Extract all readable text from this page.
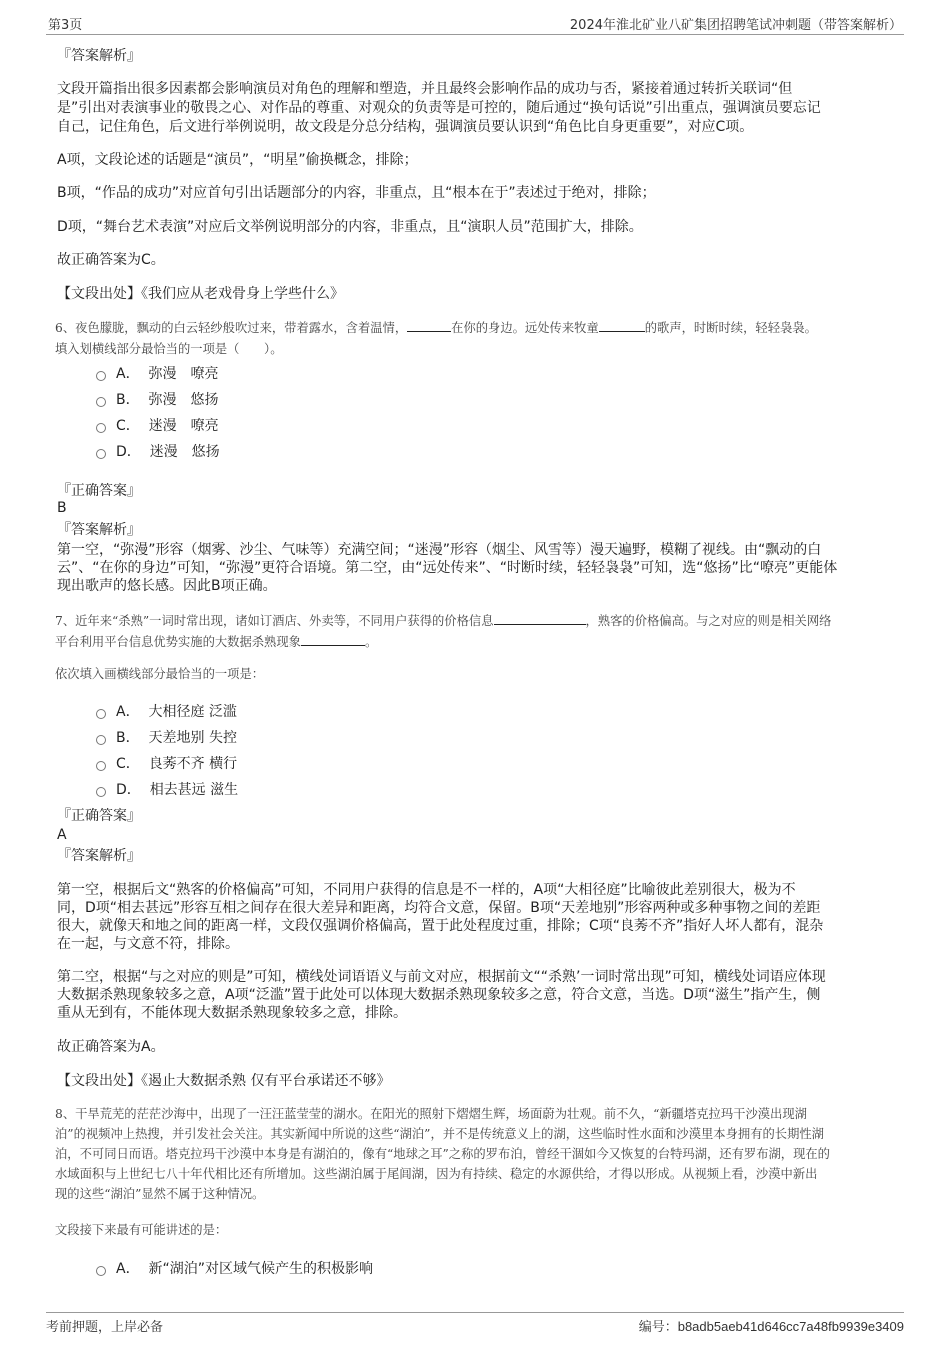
第3页	2024年淮北矿业八矿集团招聘笔试冲刺题（带答案解析）
『答案解析』
文段开篇指出很多因素都会影响演员对角色的理解和塑造，并且最终会影响作品的成功与否，紧接着通过转折关联词“但
是”引出对表演事业的敬畏之心、对作品的尊重、对观众的负责等是可控的，随后通过“换句话说”引出重点，强调演员要忘记
自己，记住角色，后文进行举例说明，故文段是分总分结构，强调演员要认识到“角色比自身更重要”，对应C项。
A项，文段论述的话题是“演员”，“明星”偷换概念，排除；
B项，“作品的成功”对应首句引出话题部分的内容，非重点，且“根本在于”表述过于绝对，排除；
D项，“舞台艺术表演”对应后文举例说明部分的内容，非重点，且“演职人员”范围扩大，排除。
故正确答案为C。
【文段出处】《我们应从老戏骨身上学些什么》
6、夜色朦胧，飘动的白云轻纱般吹过来，带着露水，含着温情，	在你的身边。远处传来牧童	的歌声，时断时续，轻轻袅袅。
填入划横线部分最恰当的一项是（　　）。
A． 弥漫　嘹亮
B． 弥漫　悠扬
C． 迷漫　嘹亮
D． 迷漫　悠扬
『正确答案』
B
『答案解析』
第一空，“弥漫”形容（烟雾、沙尘、气味等）充满空间；“迷漫”形容（烟尘、风雪等）漫天遍野，模糊了视线。由“飘动的白
云”、“在你的身边”可知，“弥漫”更符合语境。第二空，由“远处传来”、“时断时续，轻轻袅袅”可知，选“悠扬”比“嘹亮”更能体
现出歌声的悠长感。因此B项正确。
7、近年来“杀熟”一词时常出现，诸如订酒店、外卖等，不同用户获得的价格信息	，熟客的价格偏高。与之对应的则是相关网络
平台利用平台信息优势实施的大数据杀熟现象	。
依次填入画横线部分最恰当的一项是：
A． 大相径庭 泛滥
B． 天差地别 失控
C． 良莠不齐 横行
D． 相去甚远 滋生
『正确答案』
A
『答案解析』
第一空，根据后文“熟客的价格偏高”可知，不同用户获得的信息是不一样的，A项“大相径庭”比喻彼此差别很大，极为不
同，D项“相去甚远”形容互相之间存在很大差异和距离，均符合文意，保留。B项“天差地别”形容两种或多种事物之间的差距
很大，就像天和地之间的距离一样，文段仅强调价格偏高，置于此处程度过重，排除；C项“良莠不齐”指好人坏人都有，混杂
在一起，与文意不符，排除。
第二空，根据“与之对应的则是”可知，横线处词语语义与前文对应，根据前文““杀熟’一词时常出现”可知，横线处词语应体现
大数据杀熟现象较多之意，A项“泛滥”置于此处可以体现大数据杀熟现象较多之意，符合文意，当选。D项“滋生”指产生，侧
重从无到有，不能体现大数据杀熟现象较多之意，排除。
故正确答案为A。
【文段出处】《遏止大数据杀熟 仅有平台承诺还不够》
8、干旱荒芜的茫茫沙海中，出现了一汪汪蓝莹莹的湖水。在阳光的照射下熠熠生辉，场面蔚为壮观。前不久，“新疆塔克拉玛干沙漠出现湖
泊”的视频冲上热搜，并引发社会关注。其实新闻中所说的这些“湖泊”，并不是传统意义上的湖，这些临时性水面和沙漠里本身拥有的长期性湖
泊，不可同日而语。塔克拉玛干沙漠中本身是有湖泊的，像有“地球之耳”之称的罗布泊，曾经干涸如今又恢复的台特玛湖，还有罗布湖，现在的
水域面积与上世纪七八十年代相比还有所增加。这些湖泊属于尾闾湖，因为有持续、稳定的水源供给，才得以形成。从视频上看，沙漠中新出
现的这些“湖泊”显然不属于这种情况。
文段接下来最有可能讲述的是：
A． 新“湖泊”对区域气候产生的积极影响
考前押题，上岸必备	编号：b8adb5aeb41d646cc7a48fb9939e3409
